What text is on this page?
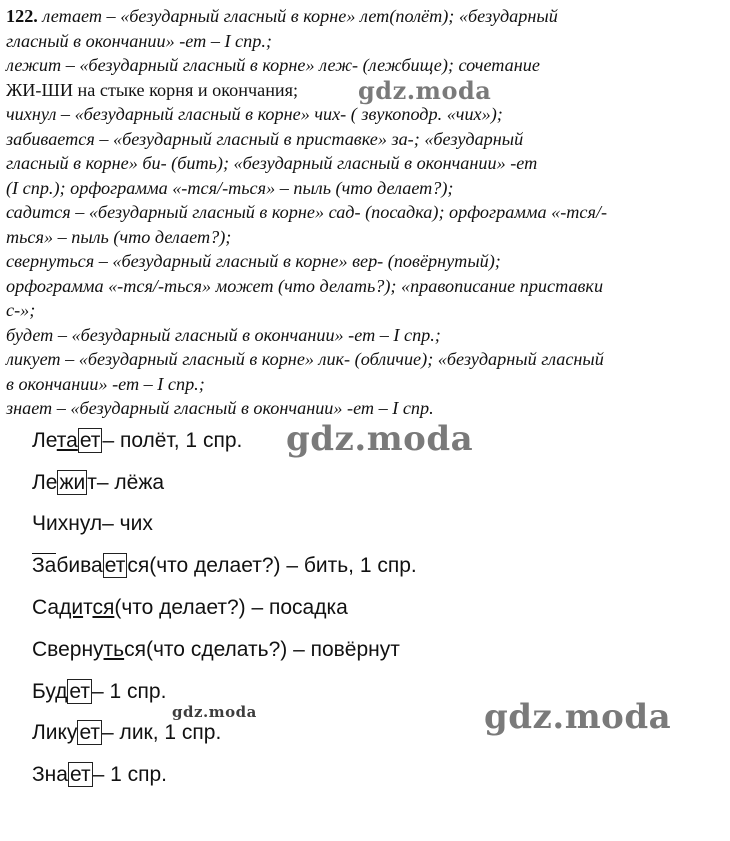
122. летает – «безударный гласный в корне» лет(полёт); «безударный
гласный в окончании» -ет – I спр.;
лежит – «безударный гласный в корне» леж- (лежбище); сочетание
ЖИ-ШИ на стыке корня и окончания;
чихнул – «безударный гласный в корне» чих- ( звукоподр. «чих»);
забивается – «безударный гласный в приставке» за-; «безударный
гласный в корне» би- (бить); «безударный гласный в окончании» -ет
(I спр.); орфограмма «-тся/-ться» – пыль (что делает?);
садится – «безударный гласный в корне» сад- (посадка); орфограмма «-тся/-
ться» – пыль (что делает?);
свернуться – «безударный гласный в корне» вер- (повёрнутый);
орфограмма «-тся/-ться» может (что делать?); «правописание приставки
с-»;
будет – «безударный гласный в окончании» -ет – I спр.;
ликует – «безударный гласный в корне» лик- (обличие); «безударный гласный
в окончании» -ет – I спр.;
знает – «безударный гласный в окончании» -ет – I спр.
Летает – полёт, 1 спр.
Лежит – лёжа
Чихнул – чих
Забивается (что делает?) – бить, 1 спр.
Садится (что делает?) – посадка
Свернуться (что сделать?) – повёрнут
Будет – 1 спр.
Ликует – лик, 1 спр.
Знает – 1 спр.
gdz.moda
gdz.moda
gdz.moda
gdz.moda
